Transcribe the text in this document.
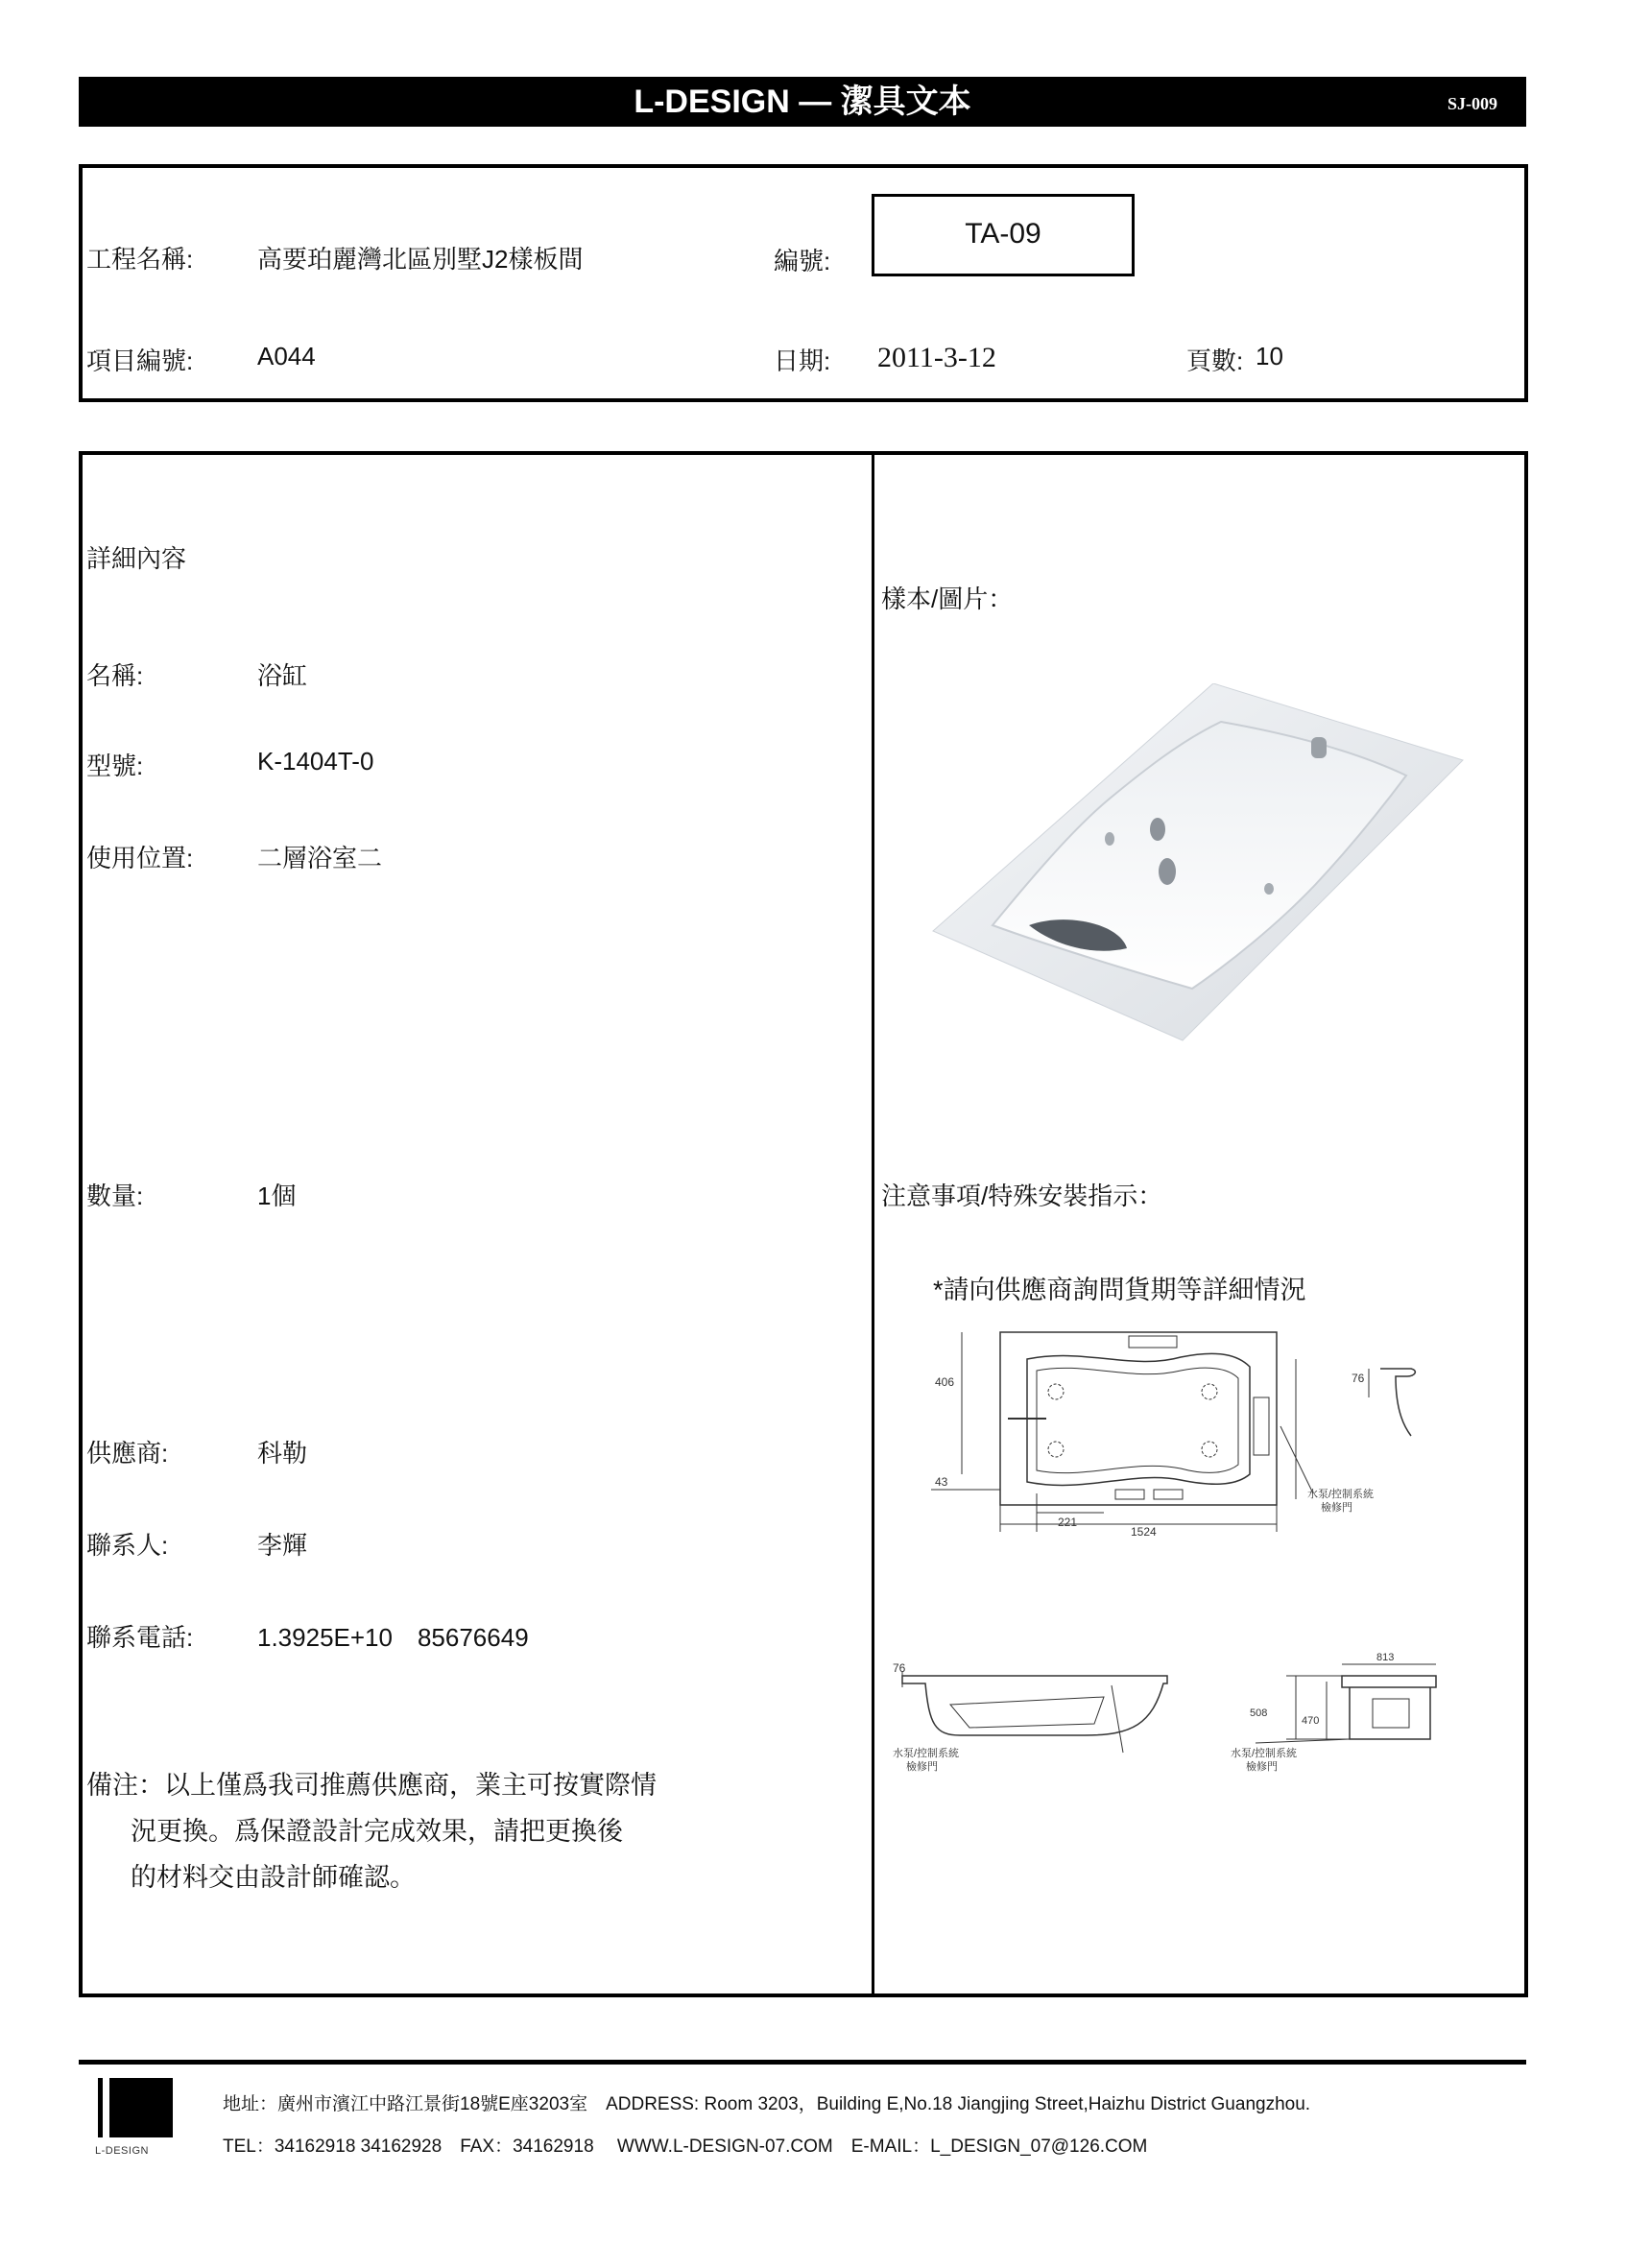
L-DESIGN — 潔具文本	SJ-009
工程名稱:	高要珀麗灣北區別墅J2樣板間	編號:
TA-09
項目編號:	A044	日期: 2011-3-12	頁數: 10
詳細內容
名稱:	浴缸
型號:	K-1404T-0
使用位置:	二層浴室二
數量:	1個
供應商:	科勒
聯系人:	李輝
聯系電話:	1.3925E+10　85676649
備注：以上僅爲我司推薦供應商，業主可按實際情
況更換。爲保證設計完成效果，請把更換後
的材料交由設計師確認。
樣本/圖片：
注意事項/特殊安裝指示：
*請向供應商詢問貨期等詳細情況
406	76
43
221
1524
水泵/控制系統
檢修門
76
水泵/控制系統
檢修門
508
470
813
水泵/控制系統
檢修門
L-DESIGN
地址：廣州市濱江中路江景街18號E座3203室　ADDRESS: Room 3203，Building E,No.18 Jiangjing Street,Haizhu District Guangzhou.
TEL：34162918 34162928　FAX：34162918　 WWW.L-DESIGN-07.COM　E-MAIL：L_DESIGN_07@126.COM
